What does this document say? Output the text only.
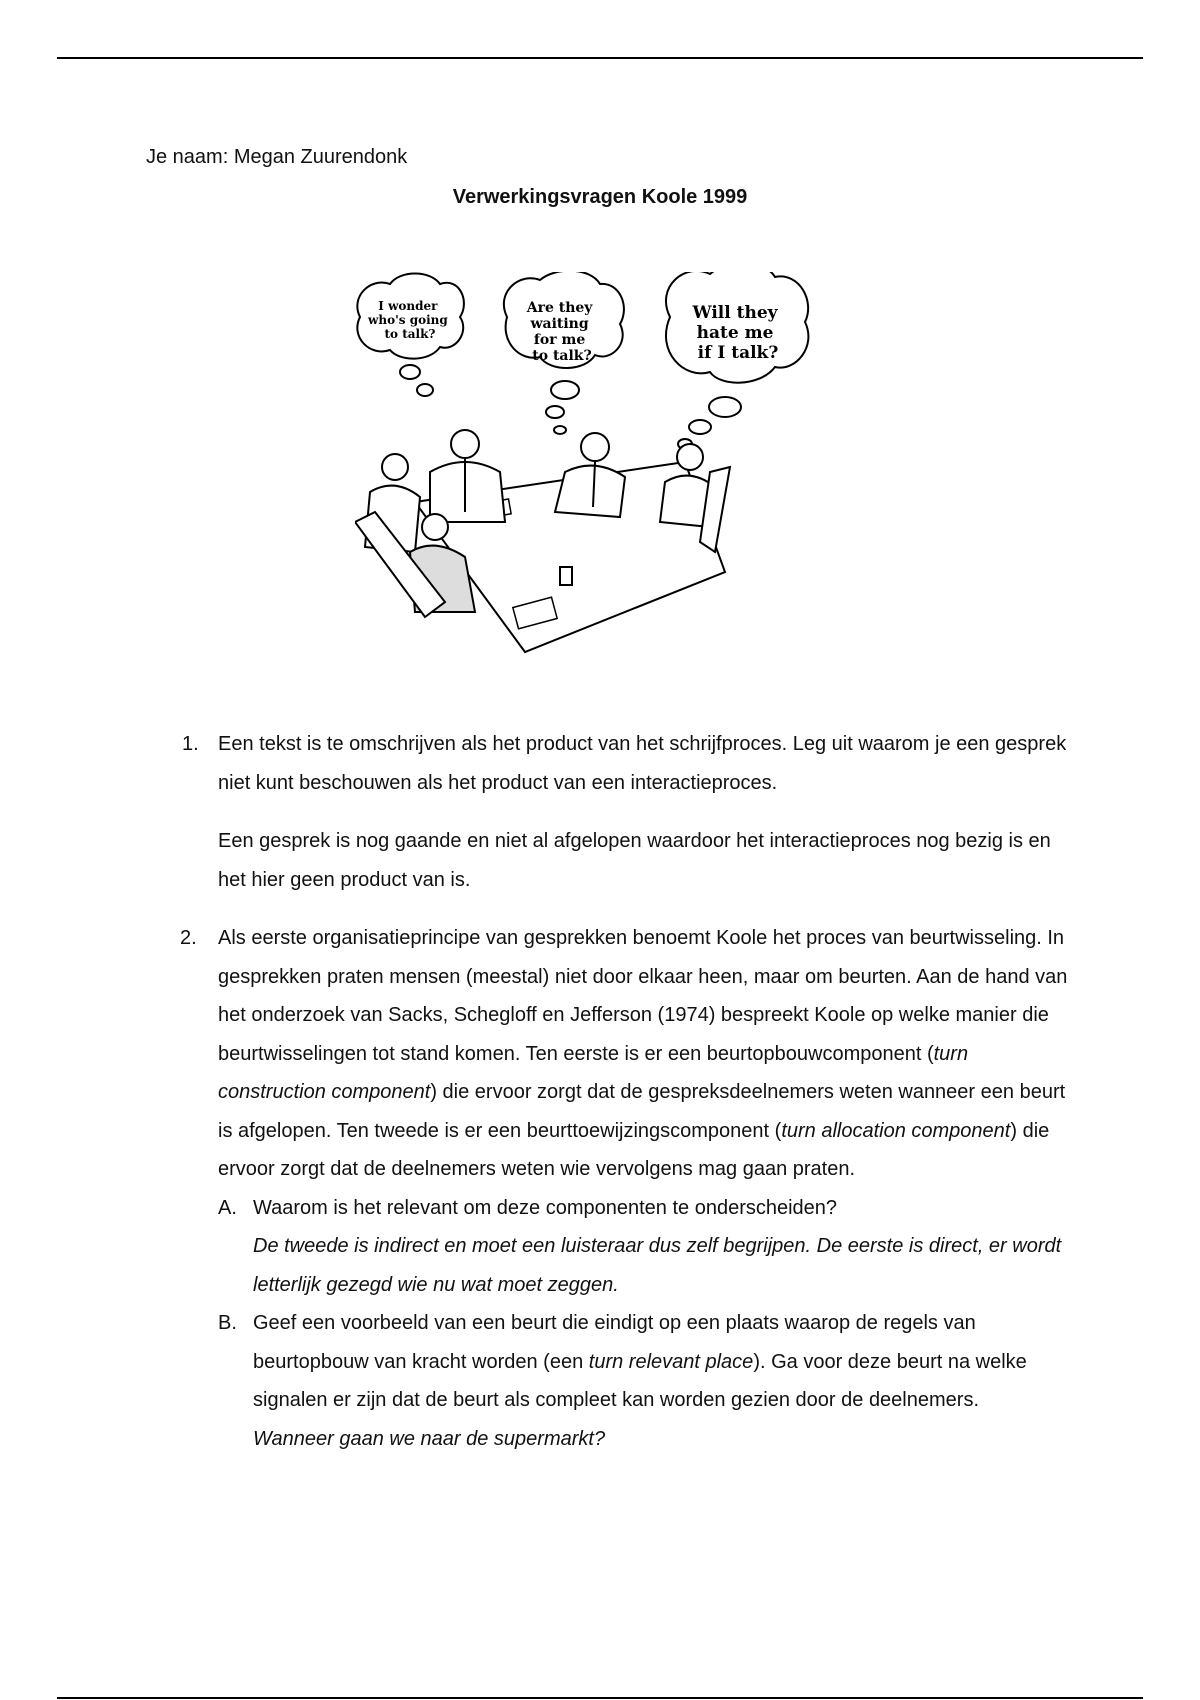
Je naam: Megan Zuurendonk
Verwerkingsvragen Koole 1999
I wonder who's going to talk?
Are they waiting for me to talk?
Will they hate me if I talk?
1. Een tekst is te omschrijven als het product van het schrijfproces. Leg uit waarom je een gesprek niet kunt beschouwen als het product van een interactieproces.
Een gesprek is nog gaande en niet al afgelopen waardoor het interactieproces nog bezig is en het hier geen product van is.
2. Als eerste organisatieprincipe van gesprekken benoemt Koole het proces van beurtwisseling. In gesprekken praten mensen (meestal) niet door elkaar heen, maar om beurten. Aan de hand van het onderzoek van Sacks, Schegloff en Jefferson (1974) bespreekt Koole op welke manier die beurtwisselingen tot stand komen. Ten eerste is er een beurtopbouwcomponent (turn construction component) die ervoor zorgt dat de gespreksdeelnemers weten wanneer een beurt is afgelopen. Ten tweede is er een beurttoewijzingscomponent (turn allocation component) die ervoor zorgt dat de deelnemers weten wie vervolgens mag gaan praten.
A. Waarom is het relevant om deze componenten te onderscheiden?
De tweede is indirect en moet een luisteraar dus zelf begrijpen. De eerste is direct, er wordt letterlijk gezegd wie nu wat moet zeggen.
B. Geef een voorbeeld van een beurt die eindigt op een plaats waarop de regels van beurtopbouw van kracht worden (een turn relevant place). Ga voor deze beurt na welke signalen er zijn dat de beurt als compleet kan worden gezien door de deelnemers.
Wanneer gaan we naar de supermarkt?
